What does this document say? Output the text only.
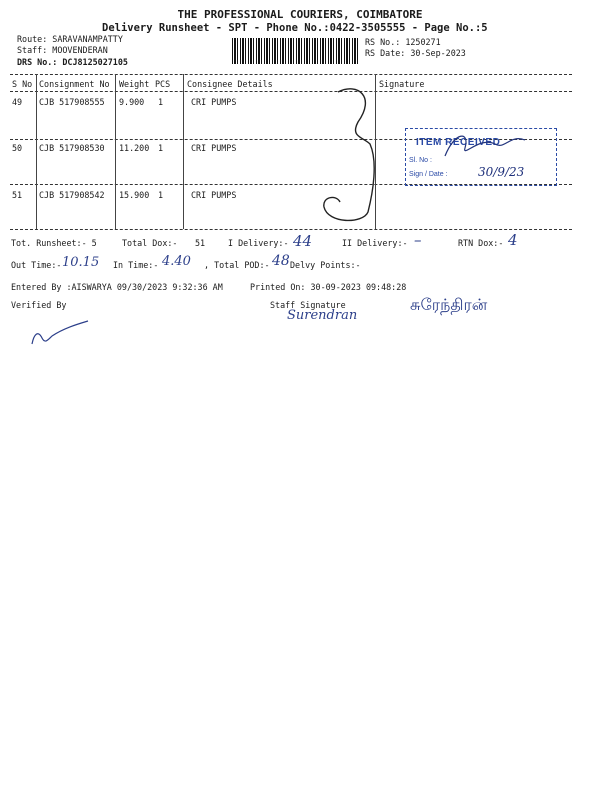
THE PROFESSIONAL COURIERS, COIMBATORE
Delivery Runsheet - SPT - Phone No.:0422-3505555 - Page No.:5
Route: SARAVANAMPATTY
Staff: MOOVENDERAN
DRS No.: DCJ8125027105
RS No.: 1250271
RS Date: 30-Sep-2023
S No Consignment No Weight PCS Consignee Details	Signature
49 CJB 517908555 9.900 1	CRI PUMPS
50 CJB 517908530 11.200 1	CRI PUMPS
51 CJB 517908542 15.900 1	CRI PUMPS
ITEM RECEIVED
Sl. No :
Sign / Date :	30/9/23
Tot. Runsheet:- 5	Total Dox:- 51	I Delivery:- 44	II Delivery:- –	RTN Dox:- 4
Out Time:- 10.15 In Time:- 4.40 , Total POD:- 48 Delvy Points:-
Entered By :AISWARYA 09/30/2023 9:32:36 AM	Printed On: 30-09-2023 09:48:28
Verified By	Staff Signature
Surendran
சுரேந்திரன்
